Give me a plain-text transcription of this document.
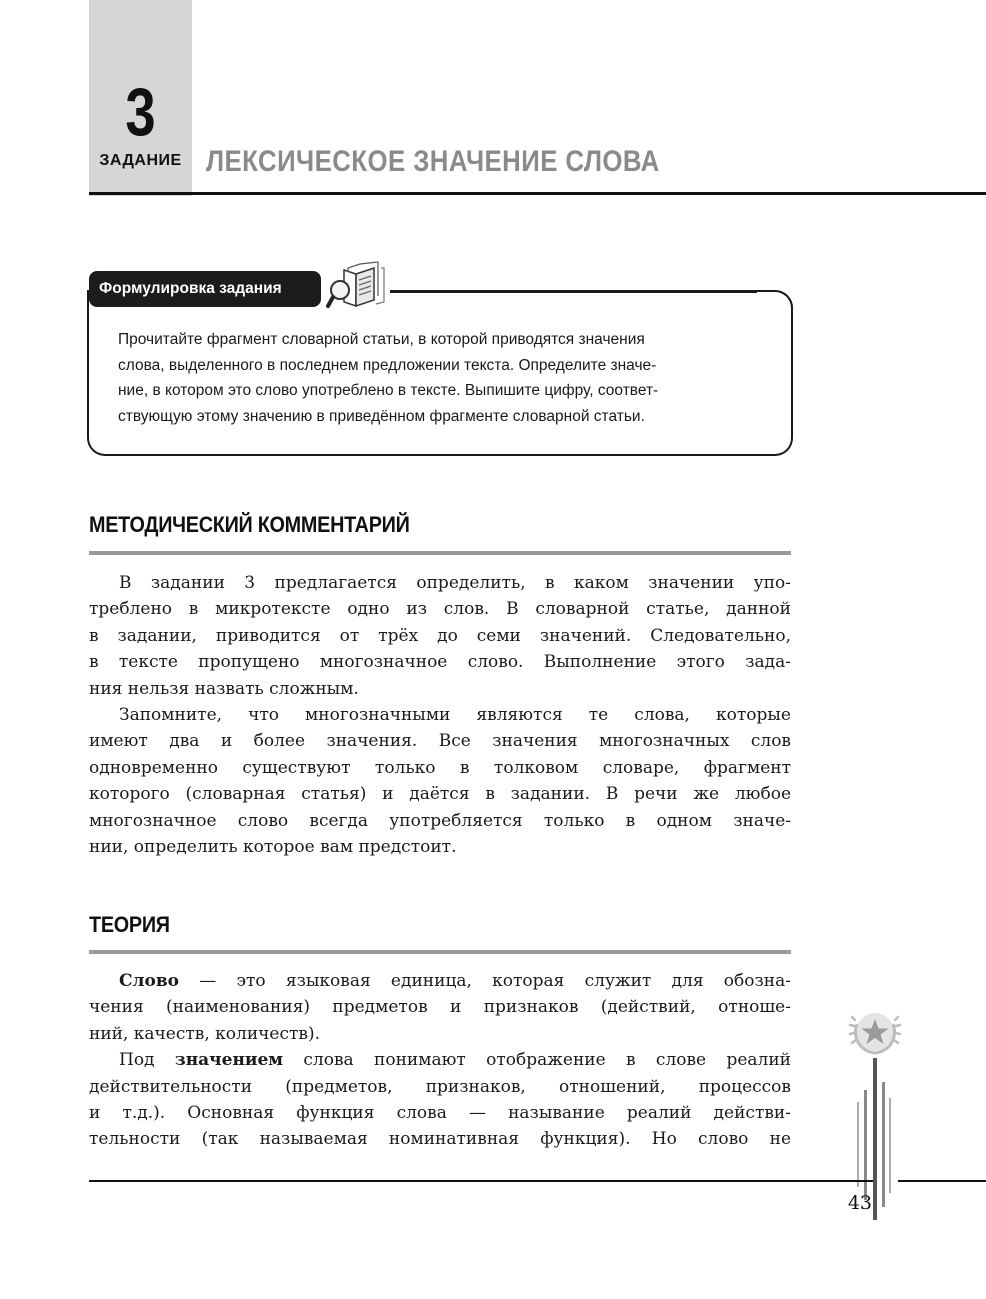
3
ЗАДАНИЕ ЛЕКСИЧЕСКОЕ ЗНАЧЕНИЕ СЛОВА
Формулировка задания
Прочитайте фрагмент словарной статьи, в которой приводятся значения
слова, выделенного в последнем предложении текста. Определите значе-
ние, в котором это слово употреблено в тексте. Выпишите цифру, соответ-
ствующую этому значению в приведённом фрагменте словарной статьи.
МЕТОДИЧЕСКИЙ КОММЕНТАРИЙ
В задании 3 предлагается определить, в каком значении упо-
треблено в микротексте одно из слов. В словарной статье, данной
в задании, приводится от трёх до семи значений. Следовательно,
в тексте пропущено многозначное слово. Выполнение этого зада-
ния нельзя назвать сложным.
Запомните, что многозначными являются те слова, которые
имеют два и более значения. Все значения многозначных слов
одновременно существуют только в толковом словаре, фрагмент
которого (словарная статья) и даётся в задании. В речи же любое
многозначное слово всегда употребляется только в одном значе-
нии, определить которое вам предстоит.
ТЕОРИЯ
Слово — это языковая единица, которая служит для обозна-
чения (наименования) предметов и признаков (действий, отноше-
ний, качеств, количеств).
Под значением слова понимают отображение в слове реалий
действительности (предметов, признаков, отношений, процессов
и т.д.). Основная функция слова — называние реалий действи-
тельности (так называемая номинативная функция). Но слово не
43
